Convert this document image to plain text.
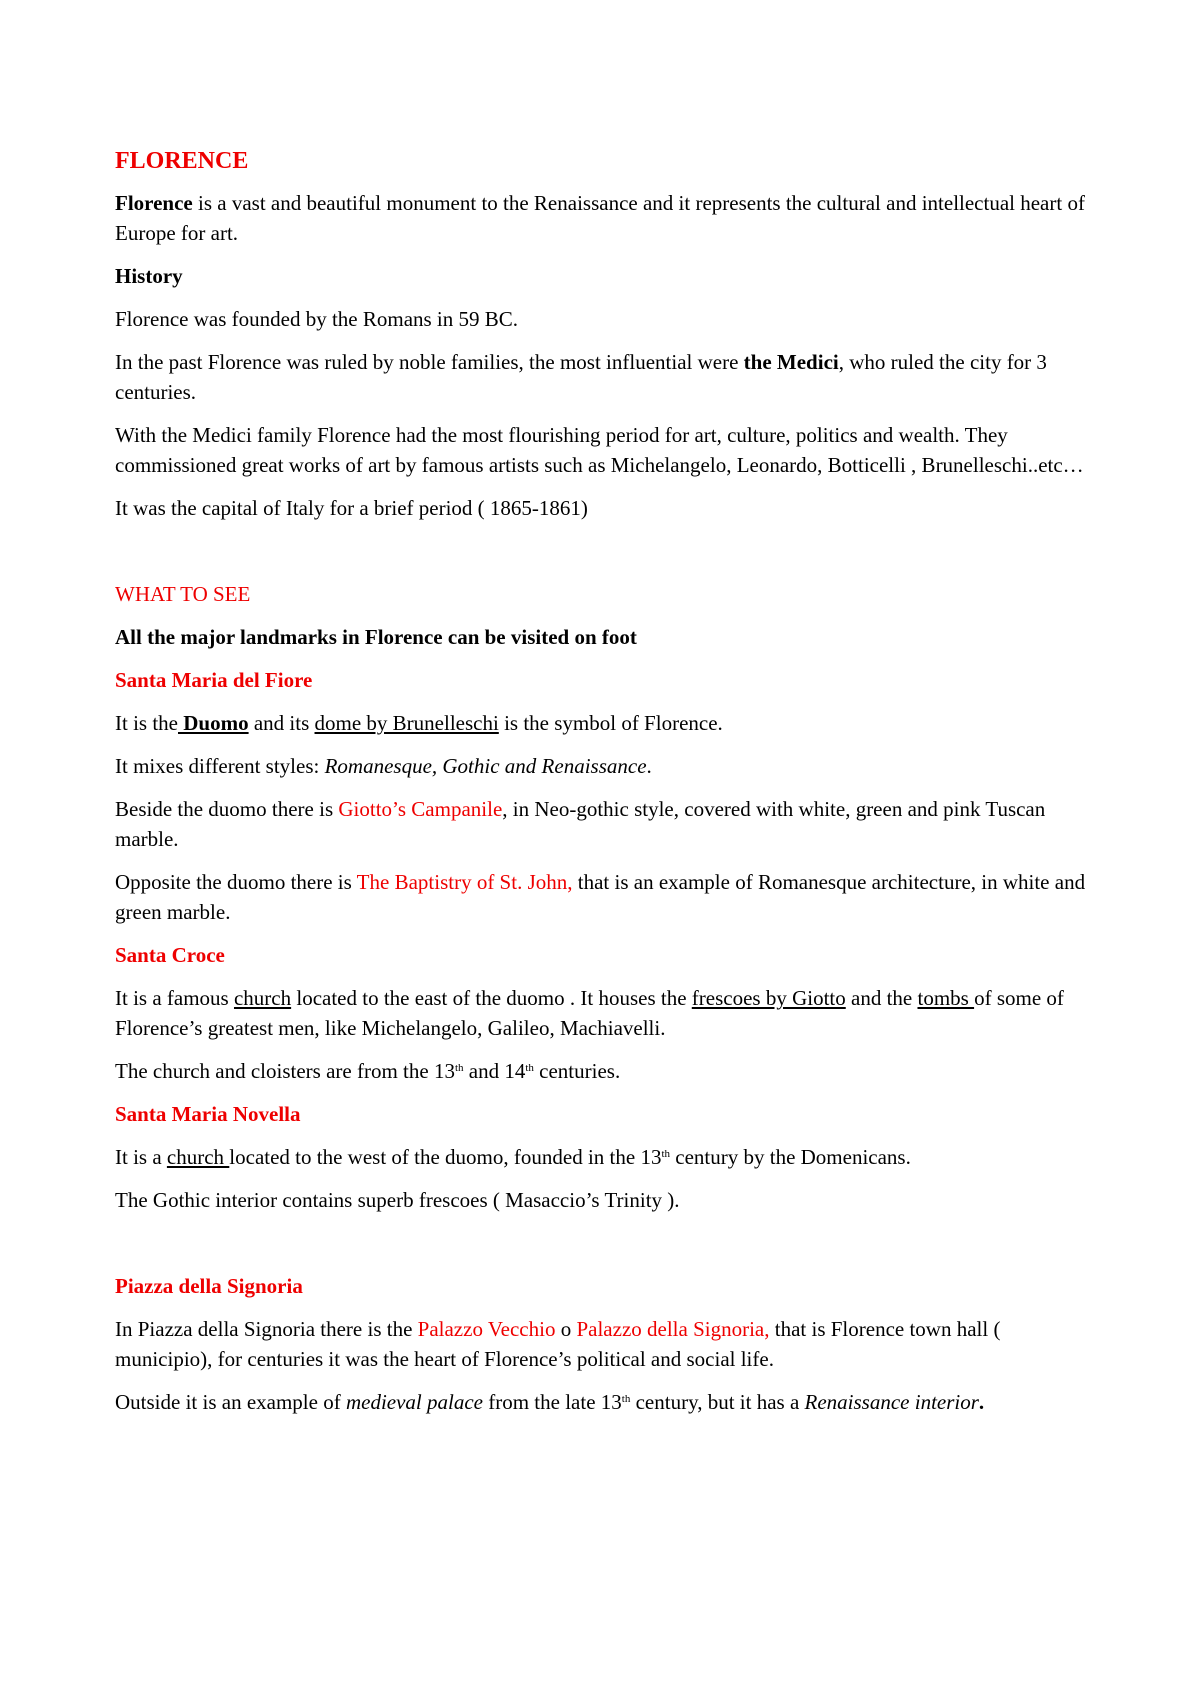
FLORENCE

Florence is a vast and beautiful monument to the Renaissance and it represents the cultural and intellectual heart of Europe for art.

History

Florence was founded by the Romans in 59 BC.

In the past Florence was ruled by noble families, the most influential were the Medici, who ruled the city for 3 centuries.

With the Medici family Florence had the most flourishing period for art, culture, politics and wealth. They commissioned great works of art by famous artists such as Michelangelo, Leonardo, Botticelli , Brunelleschi..etc…

It was the capital of Italy for a brief period ( 1865-1861)

WHAT TO SEE

All the major landmarks in Florence can be visited on foot

Santa Maria del Fiore

It is the Duomo and its dome by Brunelleschi is the symbol of Florence.

It mixes different styles: Romanesque, Gothic and Renaissance.

Beside the duomo there is Giotto’s Campanile, in Neo-gothic style, covered with white, green and pink Tuscan marble.

Opposite the duomo there is The Baptistry of St. John, that is an example of Romanesque architecture, in white and green marble.

Santa Croce

It is a famous church located to the east of the duomo . It houses the frescoes by Giotto and the tombs of some of Florence’s greatest men, like Michelangelo, Galileo, Machiavelli.

The church and cloisters are from the 13th and 14th centuries.

Santa Maria Novella

It is a church located to the west of the duomo, founded in the 13th century by the Domenicans.

The Gothic interior contains superb frescoes ( Masaccio’s Trinity ).

Piazza della Signoria

In Piazza della Signoria there is the Palazzo Vecchio o Palazzo della Signoria, that is Florence town hall ( municipio), for centuries it was the heart of Florence’s political and social life.

Outside it is an example of medieval palace from the late 13th century, but it has a Renaissance interior.
